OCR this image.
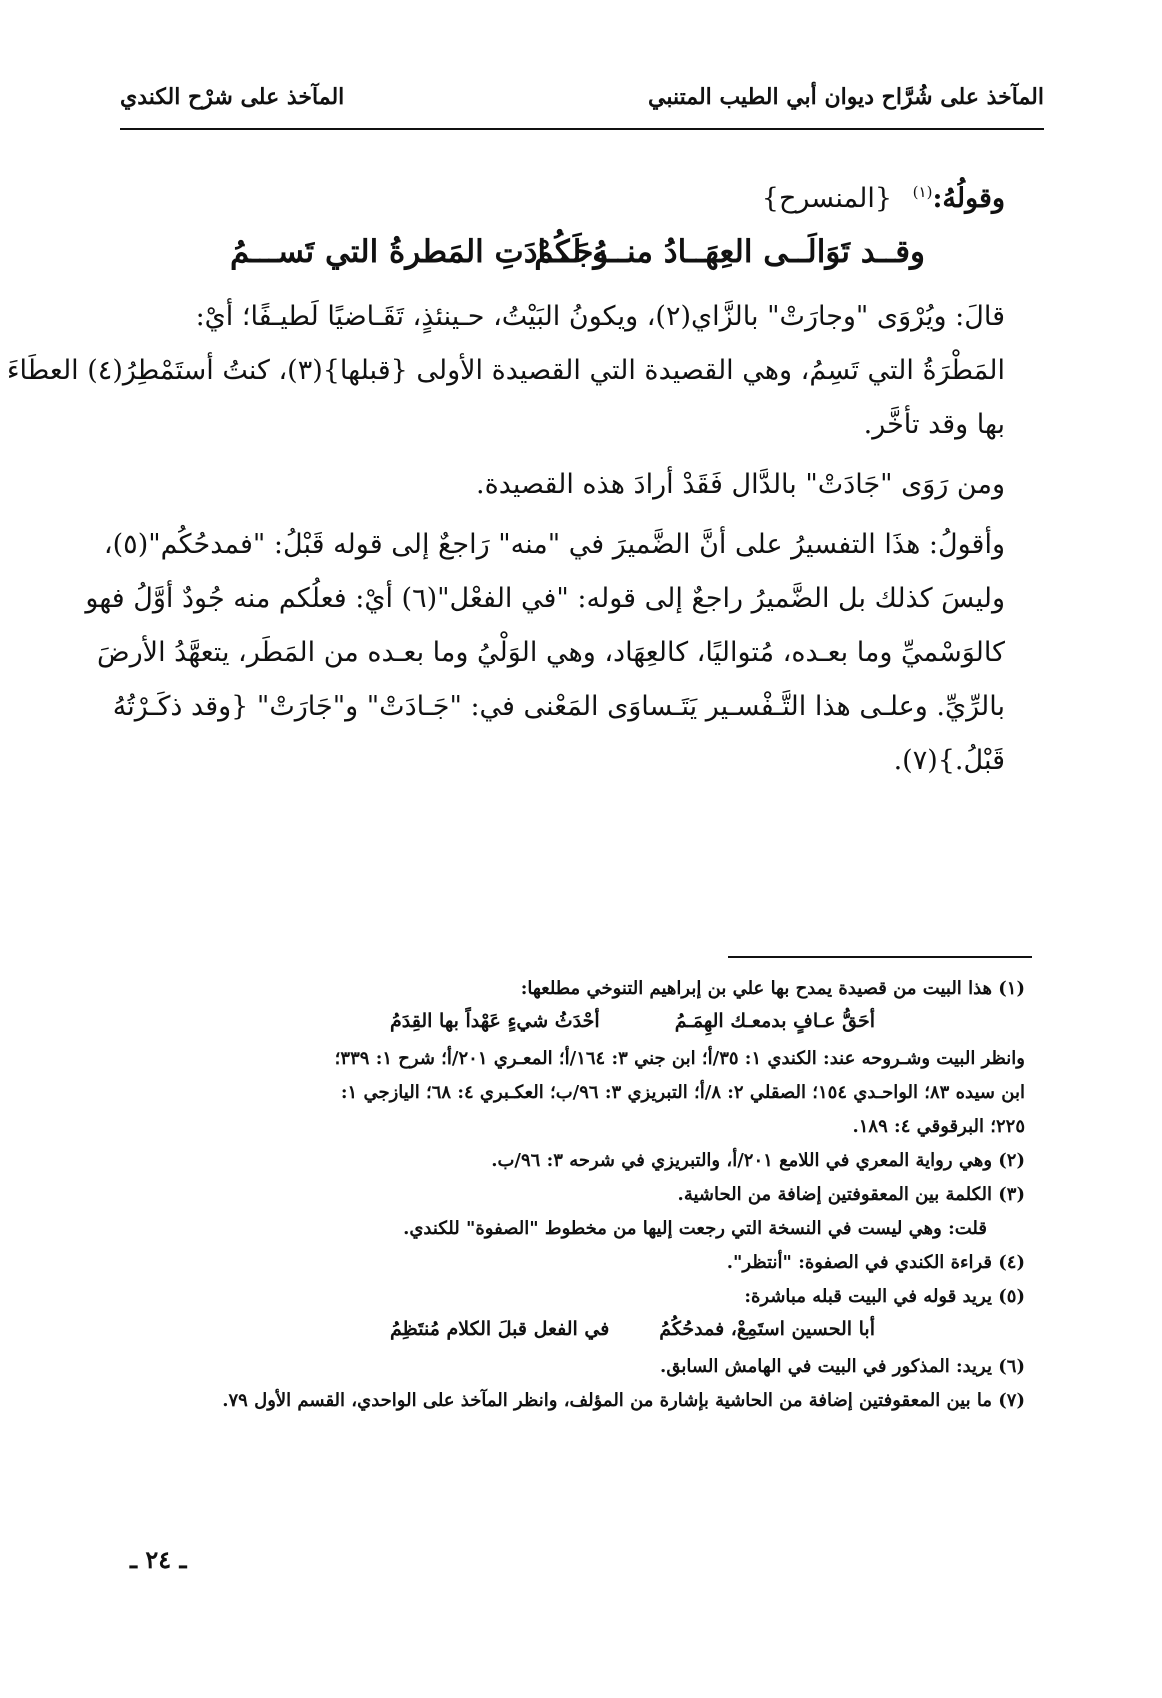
المآخذ على شُرَّاح ديوان أبي الطيب المتنبي
المآخذ على شرْح الكندي
وقولُهُ:$^{(١)}$ {المنسرح}
وقــد تَوَالَــى العِهَــادُ منــهُ لَكُمْ
وجَـــادَتِ المَطرةُ التي تَســـمُ
قالَ: ويُرْوَى "وجارَتْ" بالزَّاي(٢)، ويكونُ البَيْتُ، حـينئذٍ، تَقَـاضيًا لَطيـفًا؛ أيْ:
المَطْرَةُ التي تَسِمُ، وهي القصيدة التي القصيدة الأولى {قبلها}(٣)، كنتُ أستَمْطِرُ(٤) العطَاءَ
بها وقد تأخَّر.
ومن رَوَى "جَادَتْ" بالدَّال فَقَدْ أرادَ هذه القصيدة.
وأقولُ: هذَا التفسيرُ على أنَّ الضَّميرَ في "منه" رَاجعٌ إلى قوله قَبْلُ: "فمدحُكُم"(٥)،
وليسَ كذلك بل الضَّميرُ راجعٌ إلى قوله: "في الفعْل"(٦) أيْ: فعلُكم منه جُودٌ أوَّلُ فهو
كالوَسْميِّ وما بعـده، مُتواليًا، كالعِهَاد، وهي الوَلْيُ وما بعـده من المَطَر، يتعهَّدُ الأرضَ
بالرِّيِّ. وعلـى هذا التَّـفْسـير يَتَـساوَى المَعْنى في: "جَـادَتْ" و"جَارَتْ" {وقد ذكَـرْتُهُ
قَبْلُ.}(٧).
(١) هذا البيت من قصيدة يمدح بها علي بن إبراهيم التنوخي مطلعها:
أحَقُّ عـافٍ بدمعـك الهِمَـمُ
أحْدَثُ شيءٍ عَهْداً بها القِدَمُ
وانظر البيت وشـروحه عند: الكندي ١: ٣٥/أ؛ ابن جني ٣: ١٦٤/أ؛ المعـري ٢٠١/أ؛ شرح ١: ٣٣٩؛
ابن سيده ٨٣؛ الواحـدي ١٥٤؛ الصقلي ٢: ٨/أ؛ التبريزي ٣: ٩٦/ب؛ العكـبري ٤: ٦٨؛ اليازجي ١:
٢٢٥؛ البرقوقي ٤: ١٨٩.
(٢) وهي رواية المعري في اللامع ٢٠١/أ، والتبريزي في شرحه ٣: ٩٦/ب.
(٣) الكلمة بين المعقوفتين إضافة من الحاشية.
قلت: وهي ليست في النسخة التي رجعت إليها من مخطوط "الصفوة" للكندي.
(٤) قراءة الكندي في الصفوة: "أنتظر".
(٥) يريد قوله في البيت قبله مباشرة:
أبا الحسين استَمِعْ، فمدحُكُمُ
في الفعل قبلَ الكلام مُنتَظِمُ
(٦) يريد: المذكور في البيت في الهامش السابق.
(٧) ما بين المعقوفتين إضافة من الحاشية بإشارة من المؤلف، وانظر المآخذ على الواحدي، القسم الأول ٧٩.
ـ ٢٤ ـ
